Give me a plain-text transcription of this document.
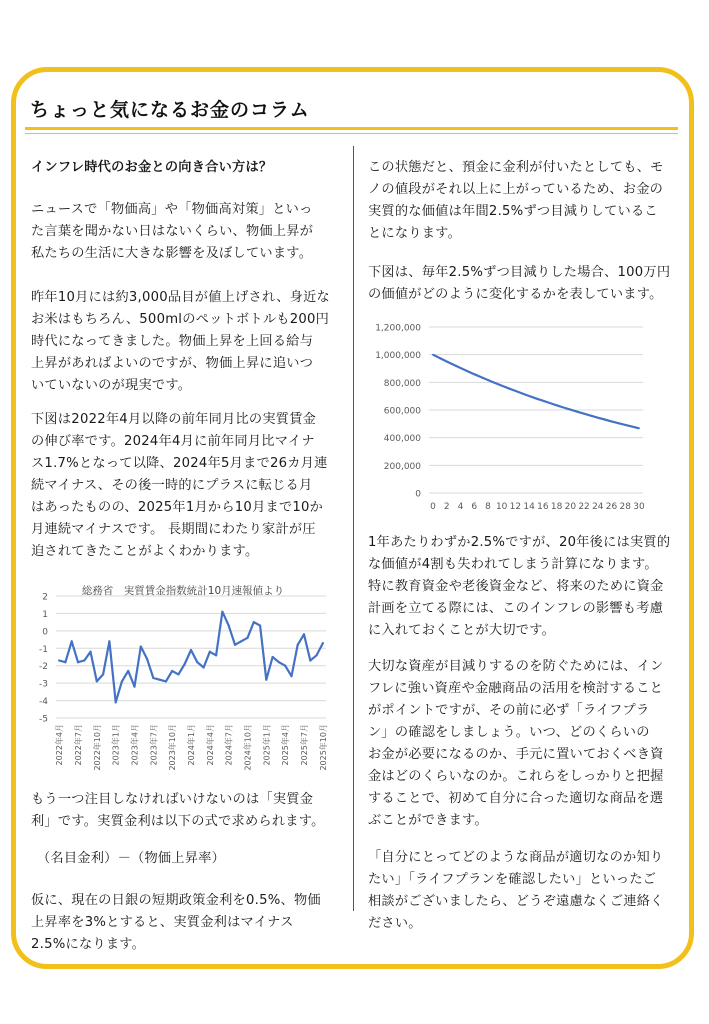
ちょっと気になるお金のコラム

インフレ時代のお金との向き合い方は？

ニュースで「物価高」や「物価高対策」といっ

た言葉を聞かない日はないくらい、物価上昇が

私たちの生活に大きな影響を及ぼしています。

昨年10月には約3,000品目が値上げされ、身近な

お米はもちろん、500mlのペットボトルも200円

時代になってきました。物価上昇を上回る給与

上昇があればよいのですが、物価上昇に追いつ

いていないのが現実です。

下図は2022年4月以降の前年同月比の実質賃金

の伸び率です。2024年4月に前年同月比マイナ

ス1.7%となって以降、2024年5月まで26カ月連

続マイナス、その後一時的にプラスに転じる月

はあったものの、2025年1月から10月まで10か

月連続マイナスです。 長期間にわたり家計が圧

迫されてきたことがよくわかります。

総務省　実質賃金指数統計10月速報値より
-5
-4
-3
-2
-1
0
1
2
2022年4月 2022年7月 2022年10月 2023年1月 2023年4月 2023年7月 2023年10月 2024年1月 2024年4月 2024年7月 2024年10月 2025年1月 2025年4月 2025年7月 2025年10月

もう一つ注目しなければいけないのは「実質金

利」です。実質金利は以下の式で求められます。

（名目金利）－（物価上昇率）

仮に、現在の日銀の短期政策金利を0.5%、物価

上昇率を3%とすると、実質金利はマイナス

2.5%になります。

この状態だと、預金に金利が付いたとしても、モ

ノの値段がそれ以上に上がっているため、お金の

実質的な価値は年間2.5%ずつ目減りしているこ

とになります。

下図は、毎年2.5%ずつ目減りした場合、100万円

の価値がどのように変化するかを表しています。

0
200,000
400,000
600,000
800,000
1,000,000
1,200,000
0 2 4 6 8 10 12 14 16 18 20 22 24 26 28 30

1年あたりわずか2.5%ですが、20年後には実質的

な価値が4割も失われてしまう計算になります。

特に教育資金や老後資金など、将来のために資金

計画を立てる際には、このインフレの影響も考慮

に入れておくことが大切です。

大切な資産が目減りするのを防ぐためには、イン

フレに強い資産や金融商品の活用を検討すること

がポイントですが、その前に必ず「ライフプラ

ン」の確認をしましょう。いつ、どのくらいの

お金が必要になるのか、手元に置いておくべき資

金はどのくらいなのか。これらをしっかりと把握

することで、初めて自分に合った適切な商品を選

ぶことができます。

「自分にとってどのような商品が適切なのか知り

たい」「ライフプランを確認したい」といったご

相談がございましたら、どうぞ遠慮なくご連絡く

ださい。
